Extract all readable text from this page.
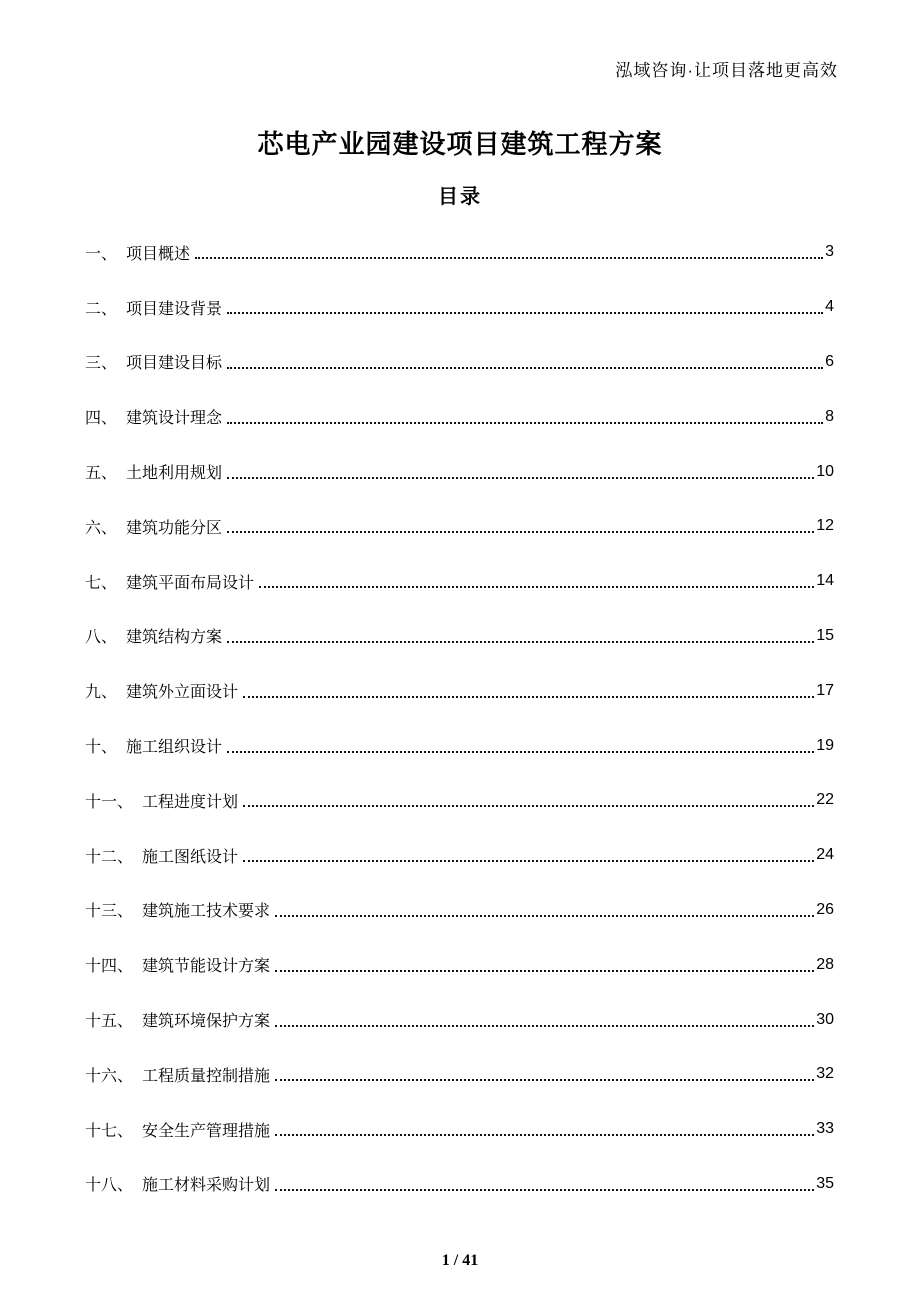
泓域咨询·让项目落地更高效
芯电产业园建设项目建筑工程方案
目录
一、 项目概述	3
二、 项目建设背景	4
三、 项目建设目标	6
四、 建筑设计理念	8
五、 土地利用规划	10
六、 建筑功能分区	12
七、 建筑平面布局设计	14
八、 建筑结构方案	15
九、 建筑外立面设计	17
十、 施工组织设计	19
十一、 工程进度计划	22
十二、 施工图纸设计	24
十三、 建筑施工技术要求	26
十四、 建筑节能设计方案	28
十五、 建筑环境保护方案	30
十六、 工程质量控制措施	32
十七、 安全生产管理措施	33
十八、 施工材料采购计划	35
1 / 41
